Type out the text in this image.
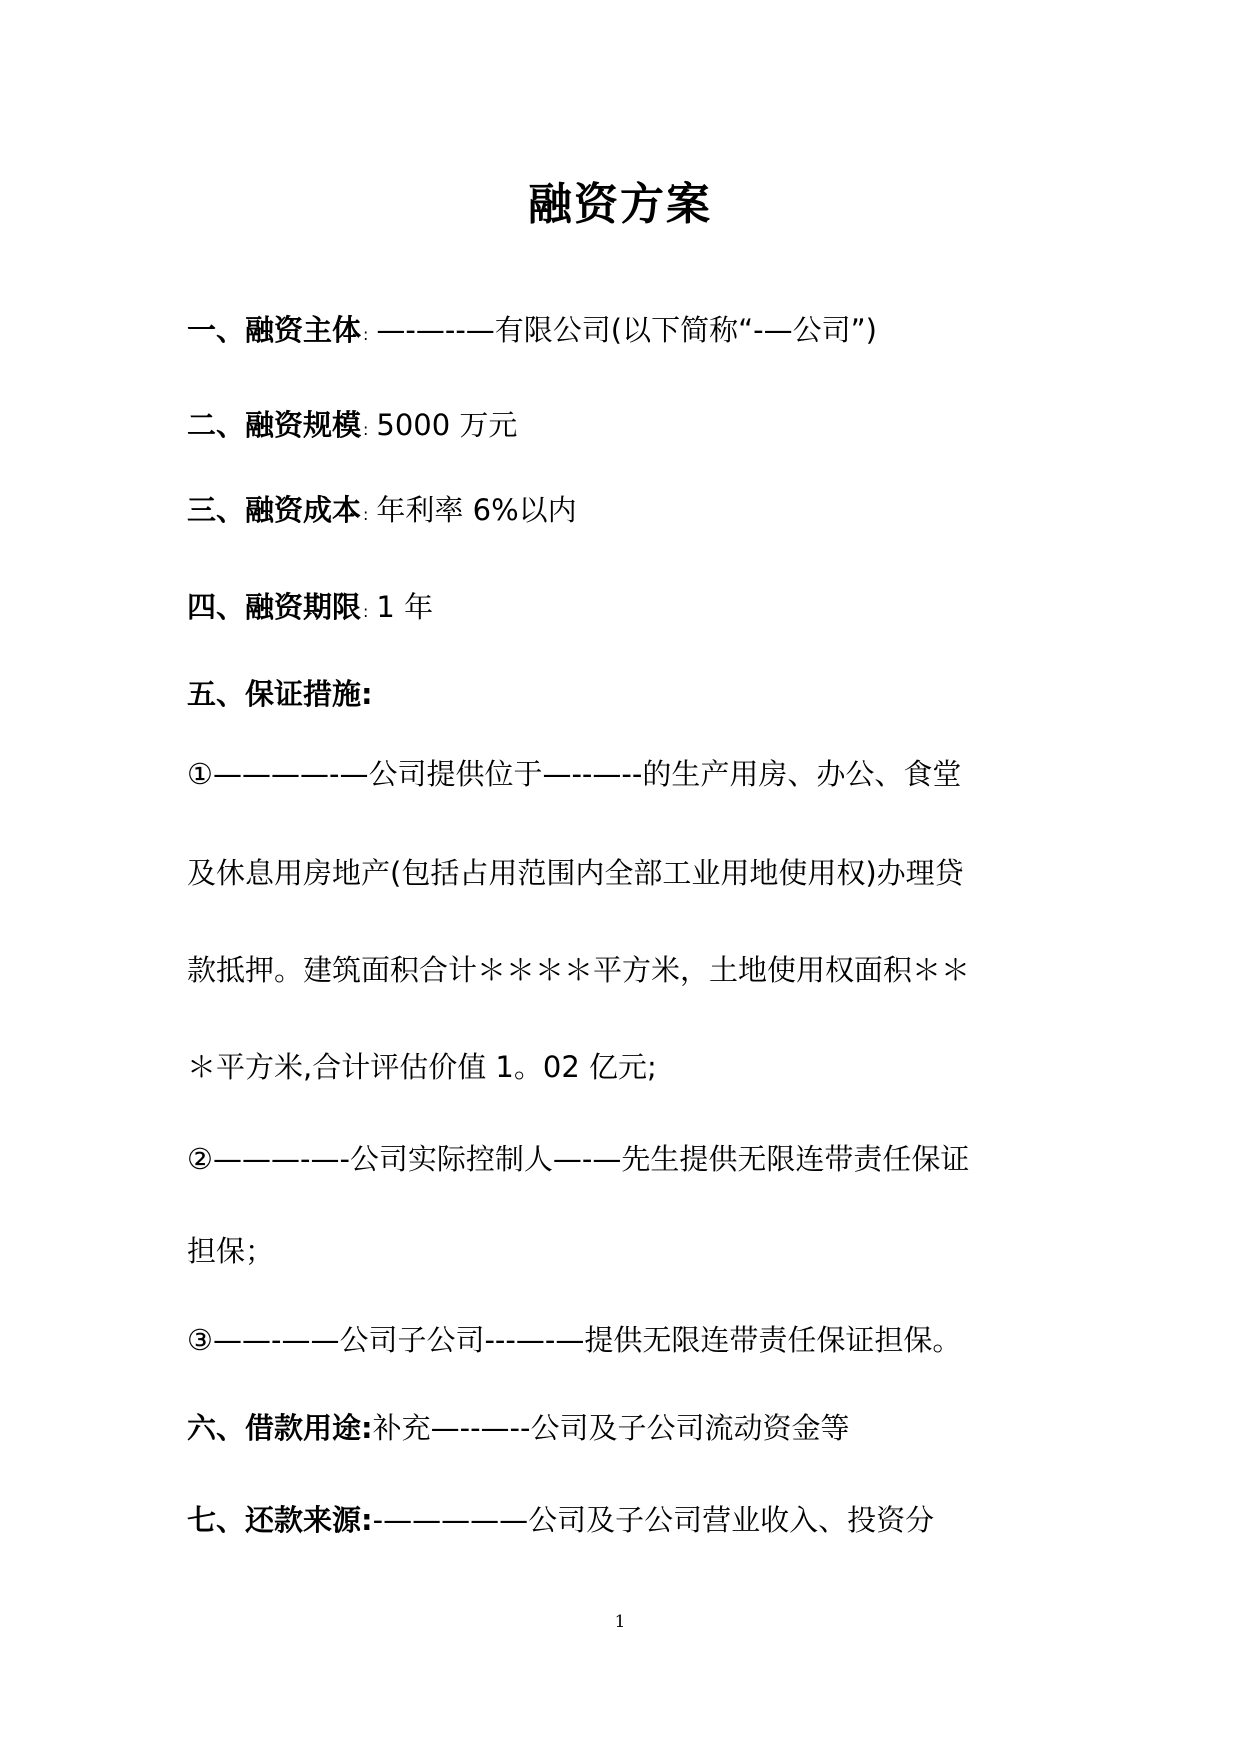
融资方案

一、融资主体 : —-—--—有限公司(以下简称“-—公司”)

二、融资规模 : 5000 万元

三、融资成本 : 年利率 6%以内

四、融资期限 : 1 年

五、保证措施:

①————-—公司提供位于—--—--的生产用房、办公、食堂

及休息用房地产(包括占用范围内全部工业用地使用权)办理贷

款抵押。建筑面积合计＊＊＊＊平方米，土地使用权面积＊＊

＊平方米,合计评估价值 1。02 亿元;

②———-—-公司实际控制人—-—先生提供无限连带责任保证

担保；

③——-——公司子公司---—-—提供无限连带责任保证担保。

六、借款用途:补充—--—--公司及子公司流动资金等

七、还款来源:-—————公司及子公司营业收入、投资分

1
